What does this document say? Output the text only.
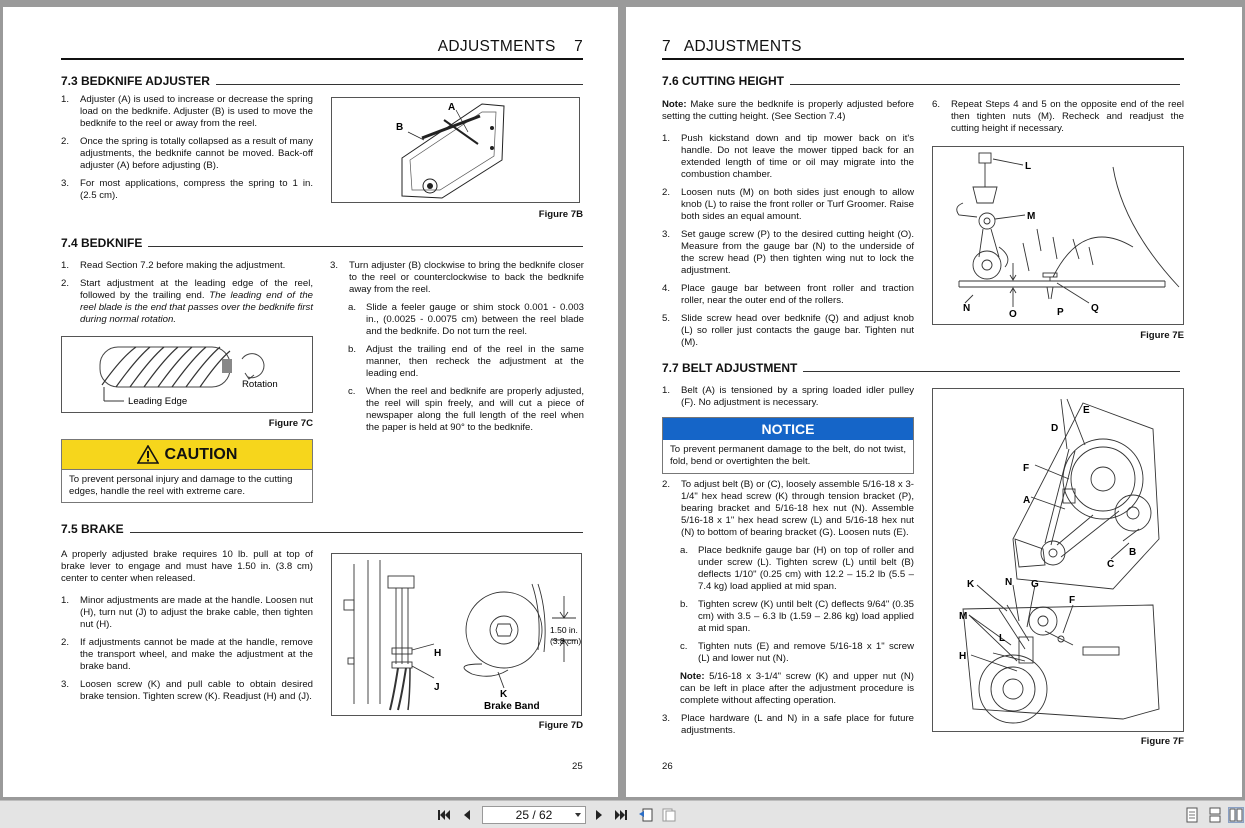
ADJUSTMENTS 7
7.3 BEDKNIFE ADJUSTER

1. Adjuster (A) is used to increase or decrease the spring load on the bedknife. Adjuster (B) is used to move the bedknife to the reel or away from the reel.

2. Once the spring is totally collapsed as a result of many adjustments, the bedknife cannot be moved. Back-off adjuster (A) before adjusting (B).

3. For most applications, compress the spring to 1 in. (2.5 cm).

A
B
Figure 7B
7.4 BEDKNIFE

1. Read Section 7.2 before making the adjustment.

2. Start adjustment at the leading edge of the reel, followed by the trailing end. The leading end of the reel blade is the end that passes over the bedknife first during normal rotation.

Rotation
Leading Edge
Figure 7C
CAUTION
To prevent personal injury and damage to the cutting edges, handle the reel with extreme care.

3. Turn adjuster (B) clockwise to bring the bedknife closer to the reel or counterclockwise to back the bedknife away from the reel.

a. Slide a feeler gauge or shim stock 0.001 - 0.003 in., (0.0025 - 0.0075 cm) between the reel blade and the bedknife. Do not turn the reel.

b. Adjust the trailing end of the reel in the same manner, then recheck the adjustment at the leading end.

c. When the reel and bedknife are properly adjusted, the reel will spin freely, and will cut a piece of newspaper along the full length of the reel when the paper is held at 90° to the bedknife.

7.5 BRAKE

A properly adjusted brake requires 10 lb. pull at top of brake lever to engage and must have 1.50 in. (3.8 cm) center to center when released.

1. Minor adjustments are made at the handle. Loosen nut (H), turn nut (J) to adjust the brake cable, then tighten nut (H).

2. If adjustments cannot be made at the handle, remove the transport wheel, and make the adjustment at the brake band.

3. Loosen screw (K) and pull cable to obtain desired brake tension. Tighten screw (K). Readjust (H) and (J).

H
J
K
Brake Band
1.50 in.
(3.8 cm)
Figure 7D
25
7 ADJUSTMENTS
7.6 CUTTING HEIGHT

Note: Make sure the bedknife is properly adjusted before setting the cutting height. (See Section 7.4)

1. Push kickstand down and tip mower back on it's handle. Do not leave the mower tipped back for an extended length of time or oil may migrate into the combustion chamber.

2. Loosen nuts (M) on both sides just enough to allow knob (L) to raise the front roller or Turf Groomer. Raise both sides an equal amount.

3. Set gauge screw (P) to the desired cutting height (O). Measure from the gauge bar (N) to the underside of the screw head (P) then tighten wing nut to lock the adjustment.

4. Place gauge bar between front roller and traction roller, near the outer end of the rollers.

5. Slide screw head over bedknife (Q) and adjust knob (L) so roller just contacts the gauge bar. Tighten nut (M).

6. Repeat Steps 4 and 5 on the opposite end of the reel then tighten nuts (M). Recheck and readjust the cutting height if necessary.

L
M
N
O	P	Q
Figure 7E
7.7 BELT ADJUSTMENT

1. Belt (A) is tensioned by a spring loaded idler pulley (F). No adjustment is necessary.

NOTICE
To prevent permanent damage to the belt, do not twist, fold, bend or overtighten the belt.

2. To adjust belt (B) or (C), loosely assemble 5/16-18 x 3-1/4" hex head screw (K) through tension bracket (P), bearing bracket and 5/16-18 hex nut (N). Assemble 5/16-18 x 1" hex head screw (L) and 5/16-18 hex nut (N) to bottom of bearing bracket (G). Loosen nuts (E).

a. Place bedknife gauge bar (H) on top of roller and under screw (L). Tighten screw (L) until belt (B) deflects 1/10" (0.25 cm) with 12.2 – 15.2 lb (5.5 – 7.4 kg) load applied at mid span.

b. Tighten screw (K) until belt (C) deflects 9/64" (0.35 cm) with 3.5 – 6.3 lb (1.59 – 2.86 kg) load applied at mid span.

c. Tighten nuts (E) and remove 5/16-18 x 1" screw (L) and lower nut (N).

Note: 5/16-18 x 3-1/4" screw (K) and upper nut (N) can be left in place after the adjustment procedure is complete without affecting operation.

3. Place hardware (L and N) in a safe place for future adjustments.

E
D
F
A
B
C
K	N G
F
M
L
H
Figure 7F
26
25 / 62
